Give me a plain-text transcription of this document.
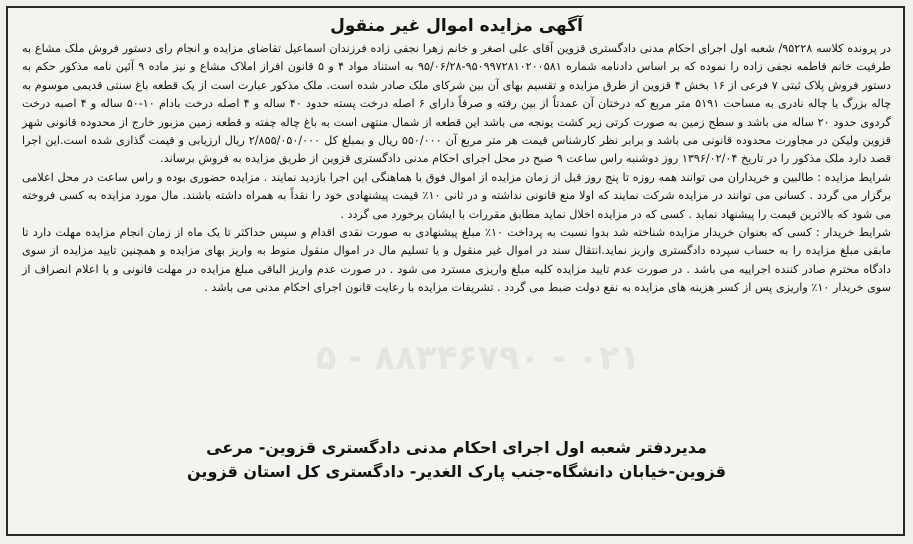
۰۲۱ - ۸۸۳۴۶۷۹۰ - ۵
آگهی مزایده اموال غیر منقول

در پرونده کلاسه ۹۵۲۲۸/ شعبه اول اجرای احکام مدنی دادگستری قزوین آقای علی اصغر و خانم زهرا نجفی زاده فرزندان اسماعیل تقاضای مزایده و انجام رای دستور فروش ملک مشاع به طرفیت خانم فاطمه نجفی زاده را نموده که بر اساس دادنامه شماره ۹۵۰۹۹۷۲۸۱۰۲۰۰۵۸۱-۹۵/۰۶/۲۸ به استناد مواد ۴ و ۵ قانون افراز املاک مشاع و نیز ماده ۹ آئین نامه مذکور حکم به دستور فروش پلاک ثبتی ۷ فرعی از ۱۶ بخش ۴ قزوین از طرق مزایده و تقسیم بهای آن بین شرکای ملک صادر شده است. ملک مذکور عبارت است از یک قطعه باغ سنتی قدیمی موسوم به چاله بزرگ یا چاله نادری به مساحت ۵۱۹۱ متر مربع که درختان آن عمدتاً از بین رفته و صرفاً دارای ۶ اصله درخت پسته حدود ۴۰ ساله و ۴ اصله درخت بادام ۱۰-۵۰ ساله و ۴ اصبه درخت گردوی حدود ۲۰ ساله می باشد و سطح زمین به صورت کرتی زیر کشت یونجه می باشد این قطعه از شمال منتهی است به باغ چاله چفته و قطعه زمین مزبور خارج از محدوده قانونی شهر قزوین ولیکن در مجاورت محدوده قانونی می باشد و برابر نظر کارشناس قیمت هر متر مربع آن ۵۵۰/۰۰۰ ریال و بمبلغ کل ۲/۸۵۵/۰۵۰/۰۰۰ ریال ارزیابی و قیمت گذاری شده است.این اجرا قصد دارد ملک مذکور را در تاریخ ۱۳۹۶/۰۲/۰۴ روز دوشنبه راس ساعت ۹ صبح در محل اجرای احکام مدنی دادگستری قزوین از طریق مزایده به فروش برساند.

شرایط مزایده : طالبین و خریداران می توانند همه روزه تا پنج روز قبل از زمان مزایده از اموال فوق با هماهنگی این اجرا بازدید نمایند . مزایده حضوری بوده و راس ساعت در محل اعلامی برگزار می گردد . کسانی می توانند در مزایده شرکت نمایند که اولا منع قانونی نداشته و در ثانی ۱۰٪ قیمت پیشنهادی خود را نقداً به همراه داشته باشند. مال مورد مزایده به کسی فروخته می شود که بالاترین قیمت را پیشنهاد نماید . کسی که در مزایده اخلال نماید مطابق مقررات با ایشان برخورد می گردد .

شرایط خریدار : کسی که بعنوان خریدار مزایده شناخته شد بدوا نسبت به پرداخت ۱۰٪ مبلغ پیشنهادی به صورت نقدی اقدام و سپس حداکثر تا یک ماه از زمان انجام مزایده مهلت دارد تا مابقی مبلغ مزایده را به حساب سپرده دادگستری واریز نماید.انتقال سند در اموال غیر منقول و یا تسلیم مال در اموال منقول منوط به واریز بهای مزایده و همچنین تایید مزایده از سوی دادگاه محترم صادر کننده اجراییه می باشد . در صورت عدم تایید مزایده کلیه مبلغ واریزی مسترد می شود . در صورت عدم واریز الباقی مبلغ مزایده در مهلت قانونی و یا اعلام انصراف از سوی خریدار ۱۰٪ واریزی پس از کسر هزینه های مزایده به نفع دولت ضبط می گردد . تشریفات مزایده با رعایت قانون اجرای احکام مدنی می باشد .

مدیردفتر شعبه اول اجرای احکام مدنی دادگستری قزوین- مرعی
قزوین-خیابان دانشگاه-جنب پارک الغدیر- دادگستری کل استان قزوین
